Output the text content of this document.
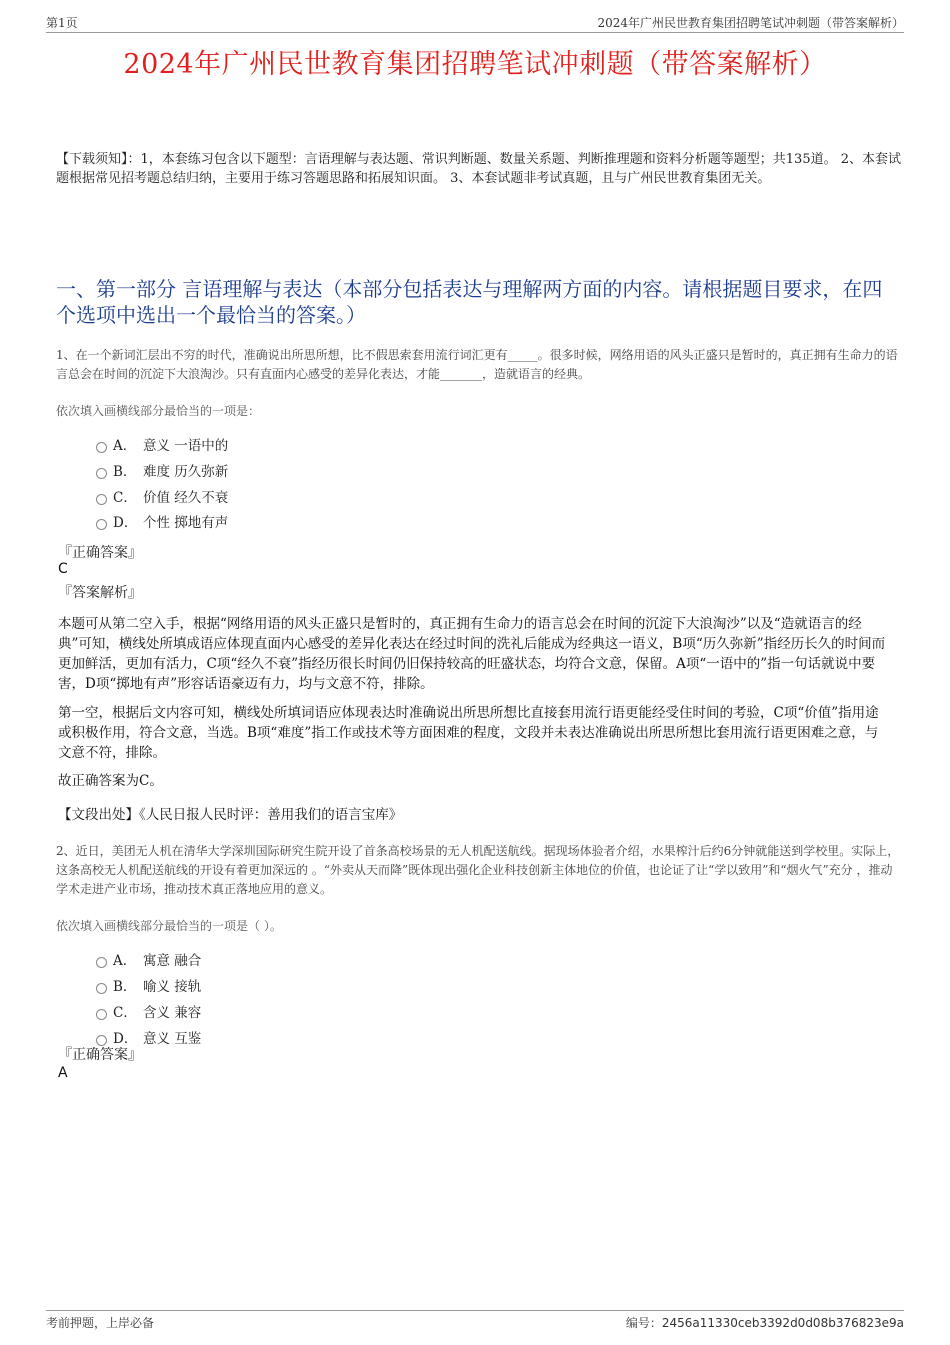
第1页	2024年广州民世教育集团招聘笔试冲刺题（带答案解析）
2024年广州民世教育集团招聘笔试冲刺题（带答案解析）
【下载须知】：1，本套练习包含以下题型：言语理解与表达题、常识判断题、数量关系题、判断推理题和资料分析题等题型；共135道。 2、本套试题根据常见招考题总结归纳，主要用于练习答题思路和拓展知识面。 3、本套试题非考试真题，且与广州民世教育集团无关。
一、第一部分 言语理解与表达（本部分包括表达与理解两方面的内容。请根据题目要求，在四个选项中选出一个最恰当的答案。）
1、在一个新词汇层出不穷的时代，准确说出所思所想，比不假思索套用流行词汇更有_____。很多时候，网络用语的风头正盛只是暂时的，真正拥有生命力的语言总会在时间的沉淀下大浪淘沙。只有直面内心感受的差异化表达，才能_______，造就语言的经典。
依次填入画横线部分最恰当的一项是：
A． 意义 一语中的
B． 难度 历久弥新
C． 价值 经久不衰
D． 个性 掷地有声
『正确答案』
C
『答案解析』
本题可从第二空入手，根据“网络用语的风头正盛只是暂时的，真正拥有生命力的语言总会在时间的沉淀下大浪淘沙”以及“造就语言的经典”可知，横线处所填成语应体现直面内心感受的差异化表达在经过时间的洗礼后能成为经典这一语义，B项“历久弥新”指经历长久的时间而更加鲜活，更加有活力，C项“经久不衰”指经历很长时间仍旧保持较高的旺盛状态，均符合文意，保留。A项“一语中的”指一句话就说中要害，D项“掷地有声”形容话语豪迈有力，均与文意不符，排除。
第一空，根据后文内容可知，横线处所填词语应体现表达时准确说出所思所想比直接套用流行语更能经受住时间的考验，C项“价值”指用途或积极作用，符合文意，当选。B项“难度”指工作或技术等方面困难的程度，文段并未表达准确说出所思所想比套用流行语更困难之意，与文意不符，排除。
故正确答案为C。
【文段出处】《人民日报人民时评：善用我们的语言宝库》
2、近日，美团无人机在清华大学深圳国际研究生院开设了首条高校场景的无人机配送航线。据现场体验者介绍，水果榨汁后约6分钟就能送到学校里。实际上，这条高校无人机配送航线的开设有着更加深远的 。“外卖从天而降”既体现出强化企业科技创新主体地位的价值，也论证了让“学以致用”和“烟火气”充分 ，推动学术走进产业市场，推动技术真正落地应用的意义。
依次填入画横线部分最恰当的一项是（ ）。
A． 寓意 融合
B． 喻义 接轨
C． 含义 兼容
D． 意义 互鉴
『正确答案』
A
考前押题，上岸必备	编号：2456a11330ceb3392d0d08b376823e9a
